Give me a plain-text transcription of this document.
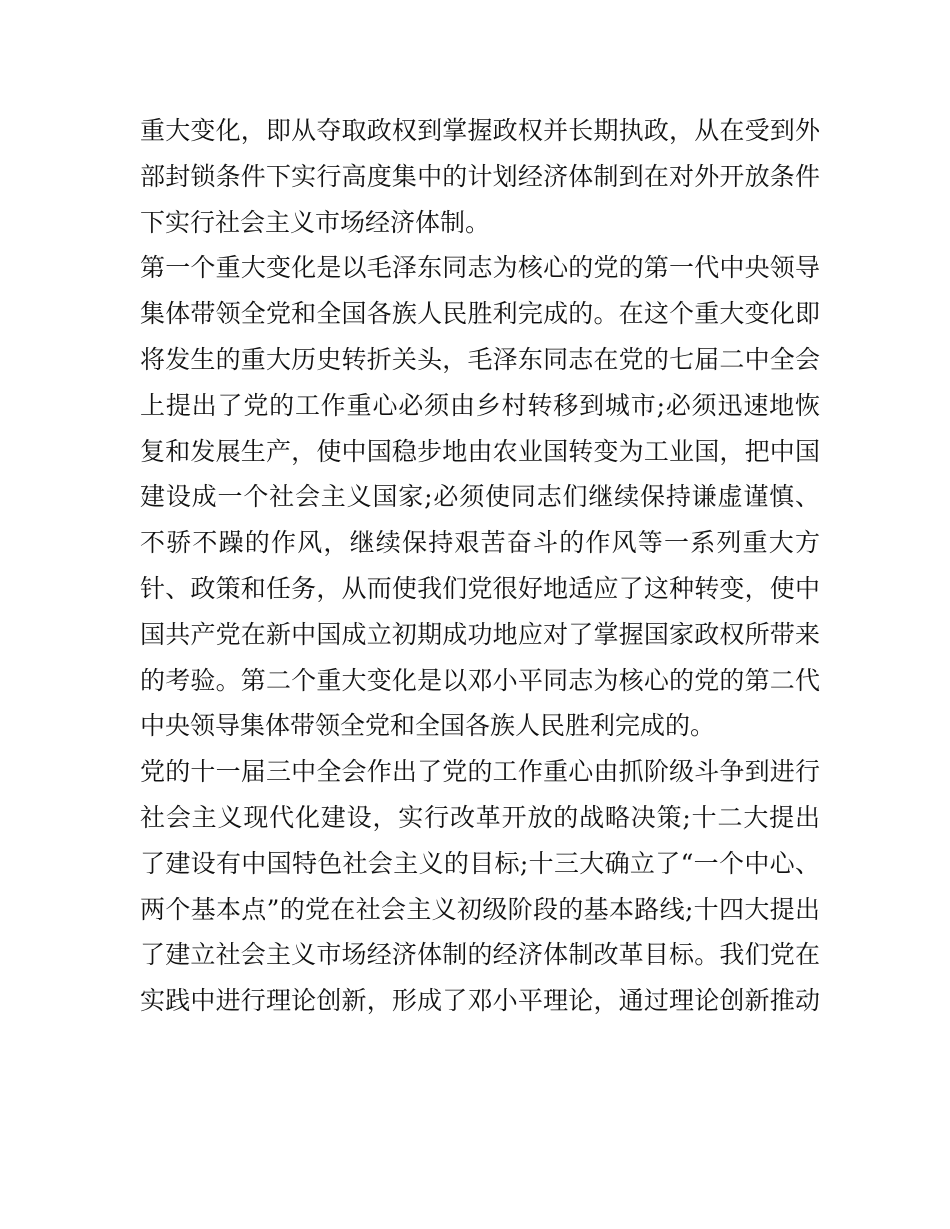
重大变化，即从夺取政权到掌握政权并长期执政，从在受到外
部封锁条件下实行高度集中的计划经济体制到在对外开放条件
下实行社会主义市场经济体制。
第一个重大变化是以毛泽东同志为核心的党的第一代中央领导
集体带领全党和全国各族人民胜利完成的。在这个重大变化即
将发生的重大历史转折关头，毛泽东同志在党的七届二中全会
上提出了党的工作重心必须由乡村转移到城市;必须迅速地恢
复和发展生产，使中国稳步地由农业国转变为工业国，把中国
建设成一个社会主义国家;必须使同志们继续保持谦虚谨慎、
不骄不躁的作风，继续保持艰苦奋斗的作风等一系列重大方
针、政策和任务，从而使我们党很好地适应了这种转变，使中
国共产党在新中国成立初期成功地应对了掌握国家政权所带来
的考验。第二个重大变化是以邓小平同志为核心的党的第二代
中央领导集体带领全党和全国各族人民胜利完成的。
党的十一届三中全会作出了党的工作重心由抓阶级斗争到进行
社会主义现代化建设，实行改革开放的战略决策;十二大提出
了建设有中国特色社会主义的目标;十三大确立了“一个中心、
两个基本点”的党在社会主义初级阶段的基本路线;十四大提出
了建立社会主义市场经济体制的经济体制改革目标。我们党在
实践中进行理论创新，形成了邓小平理论，通过理论创新推动
